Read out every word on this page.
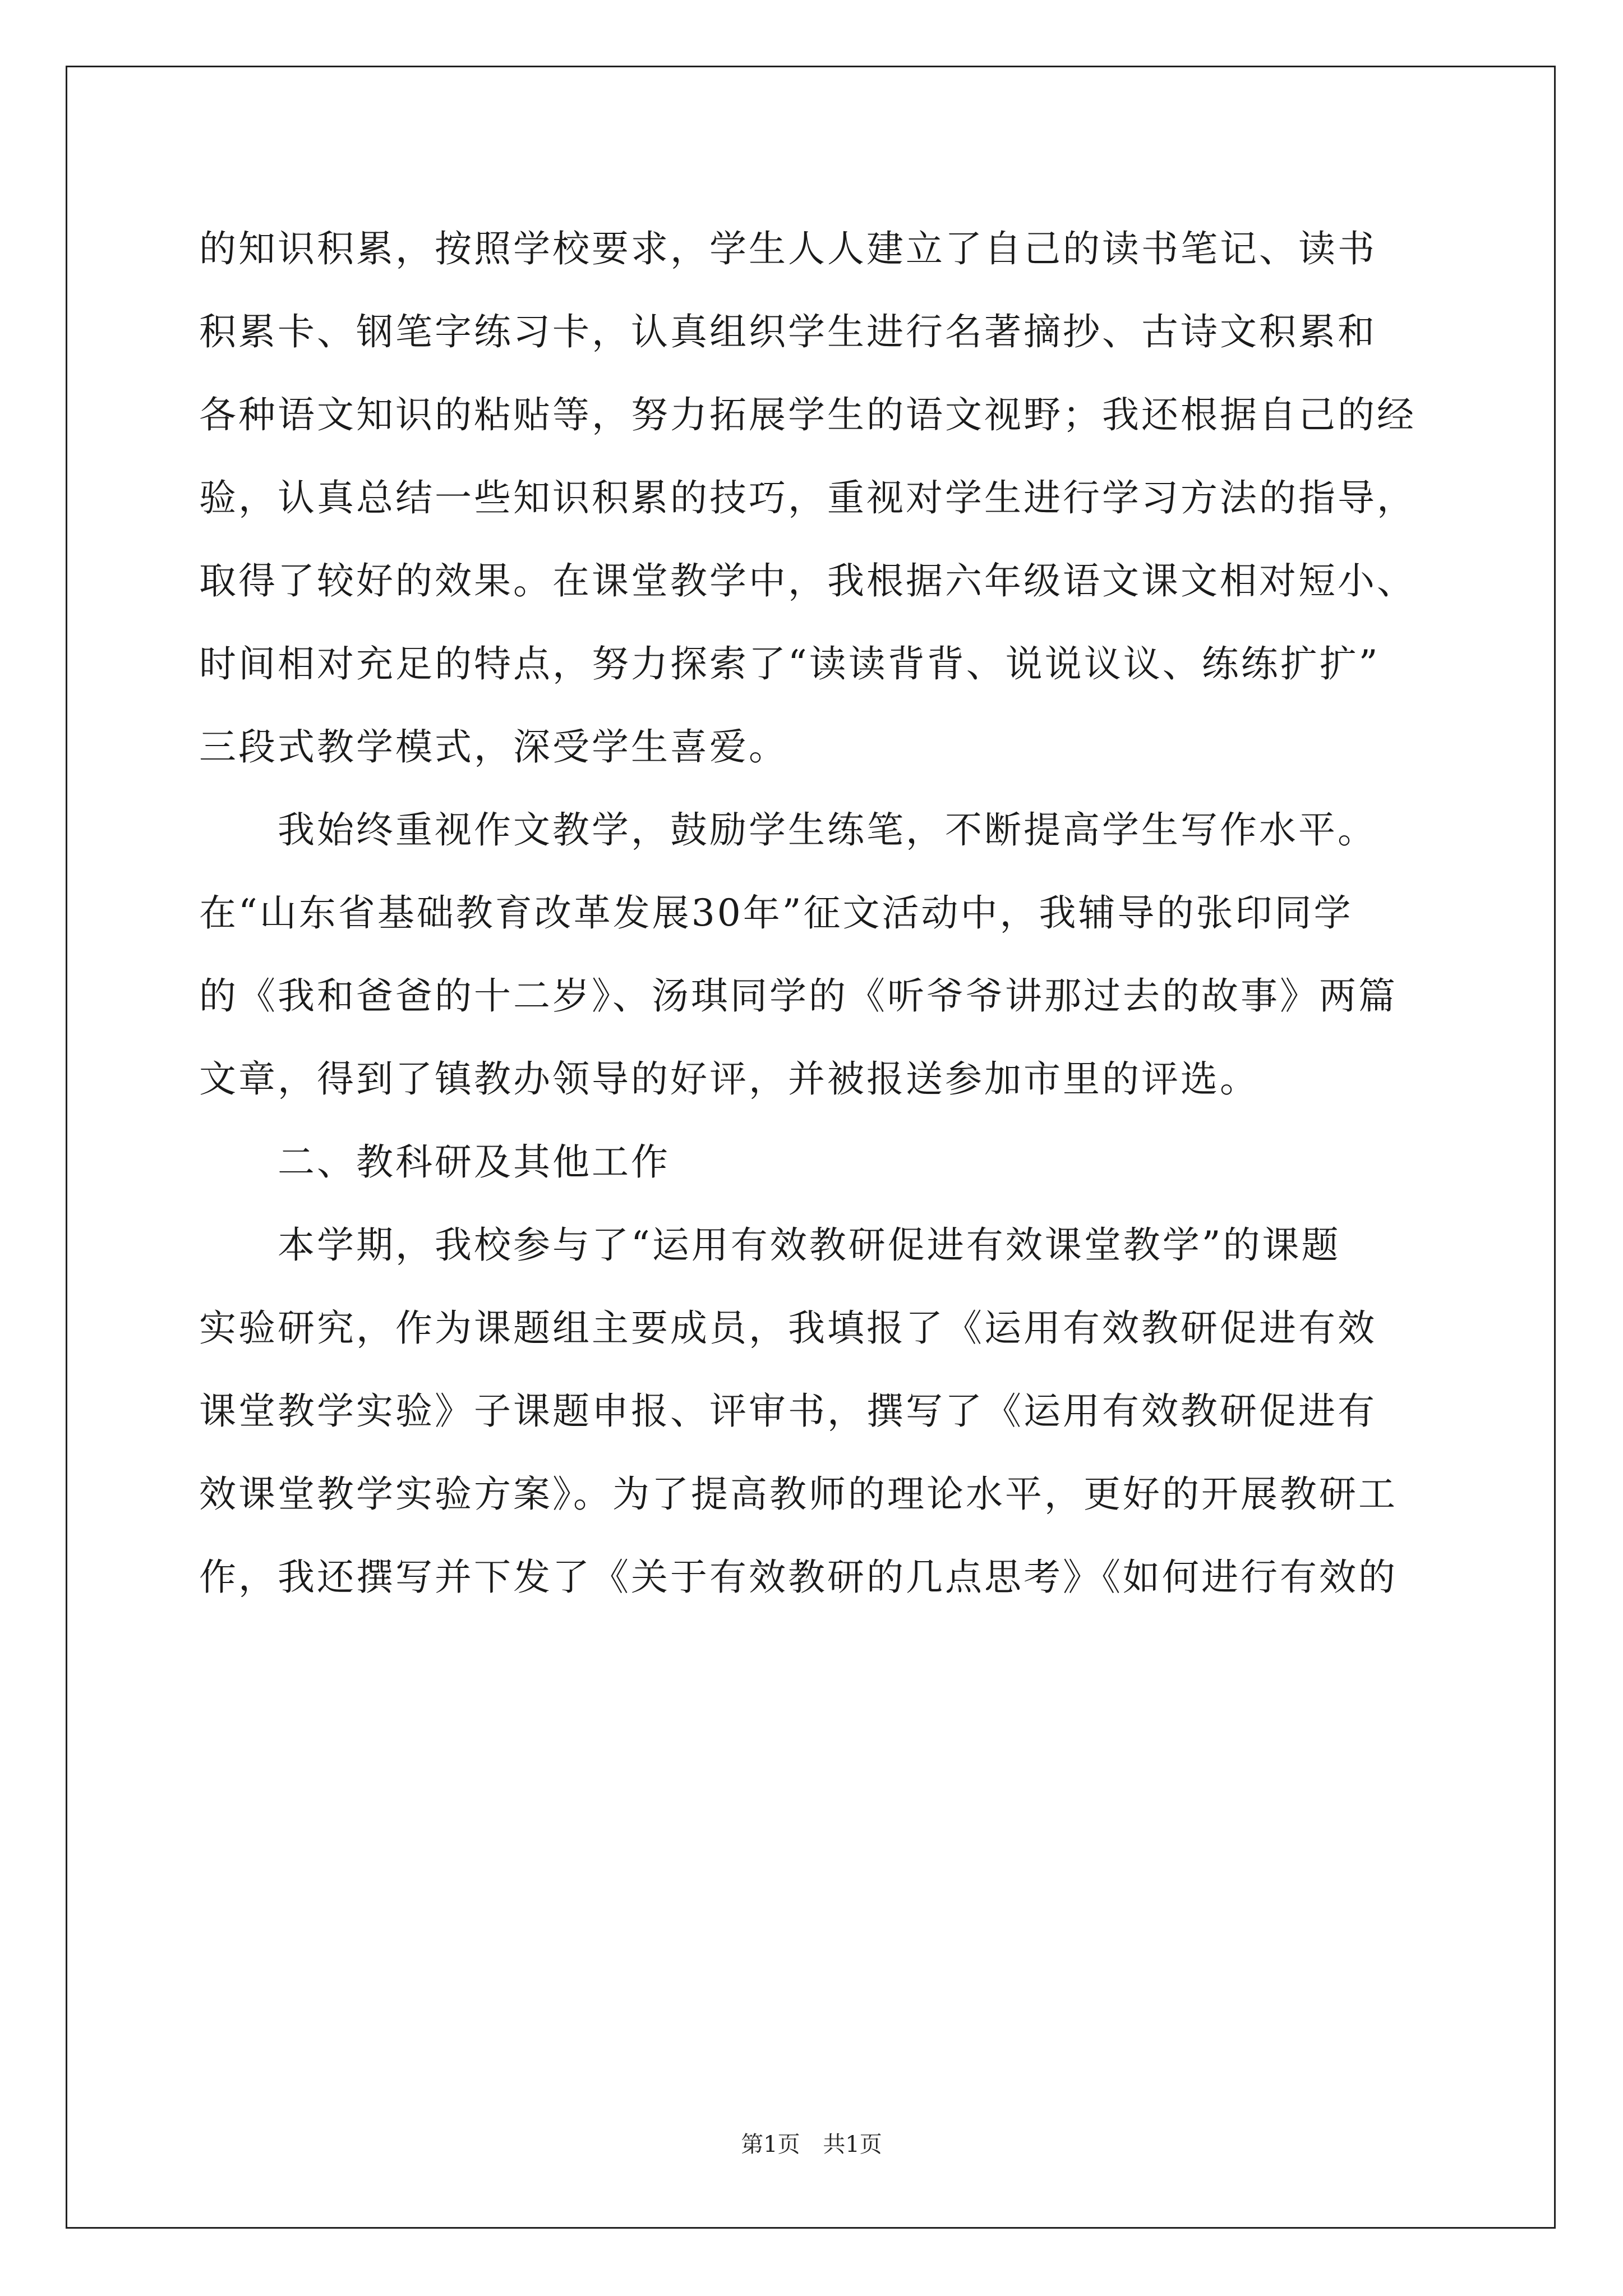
的知识积累，按照学校要求，学生人人建立了自己的读书笔记、读书
积累卡、钢笔字练习卡，认真组织学生进行名著摘抄、古诗文积累和
各种语文知识的粘贴等，努力拓展学生的语文视野；我还根据自己的经
验，认真总结一些知识积累的技巧，重视对学生进行学习方法的指导，
取得了较好的效果。在课堂教学中，我根据六年级语文课文相对短小、
时间相对充足的特点，努力探索了“读读背背、说说议议、练练扩扩”
三段式教学模式，深受学生喜爱。
我始终重视作文教学，鼓励学生练笔，不断提高学生写作水平。
在“山东省基础教育改革发展30年”征文活动中，我辅导的张印同学
的《我和爸爸的十二岁》、汤琪同学的《听爷爷讲那过去的故事》两篇
文章，得到了镇教办领导的好评，并被报送参加市里的评选。
二、教科研及其他工作
本学期，我校参与了“运用有效教研促进有效课堂教学”的课题
实验研究，作为课题组主要成员，我填报了《运用有效教研促进有效
课堂教学实验》子课题申报、评审书，撰写了《运用有效教研促进有
效课堂教学实验方案》。为了提高教师的理论水平，更好的开展教研工
作，我还撰写并下发了《关于有效教研的几点思考》《如何进行有效的
第1页 共1页
